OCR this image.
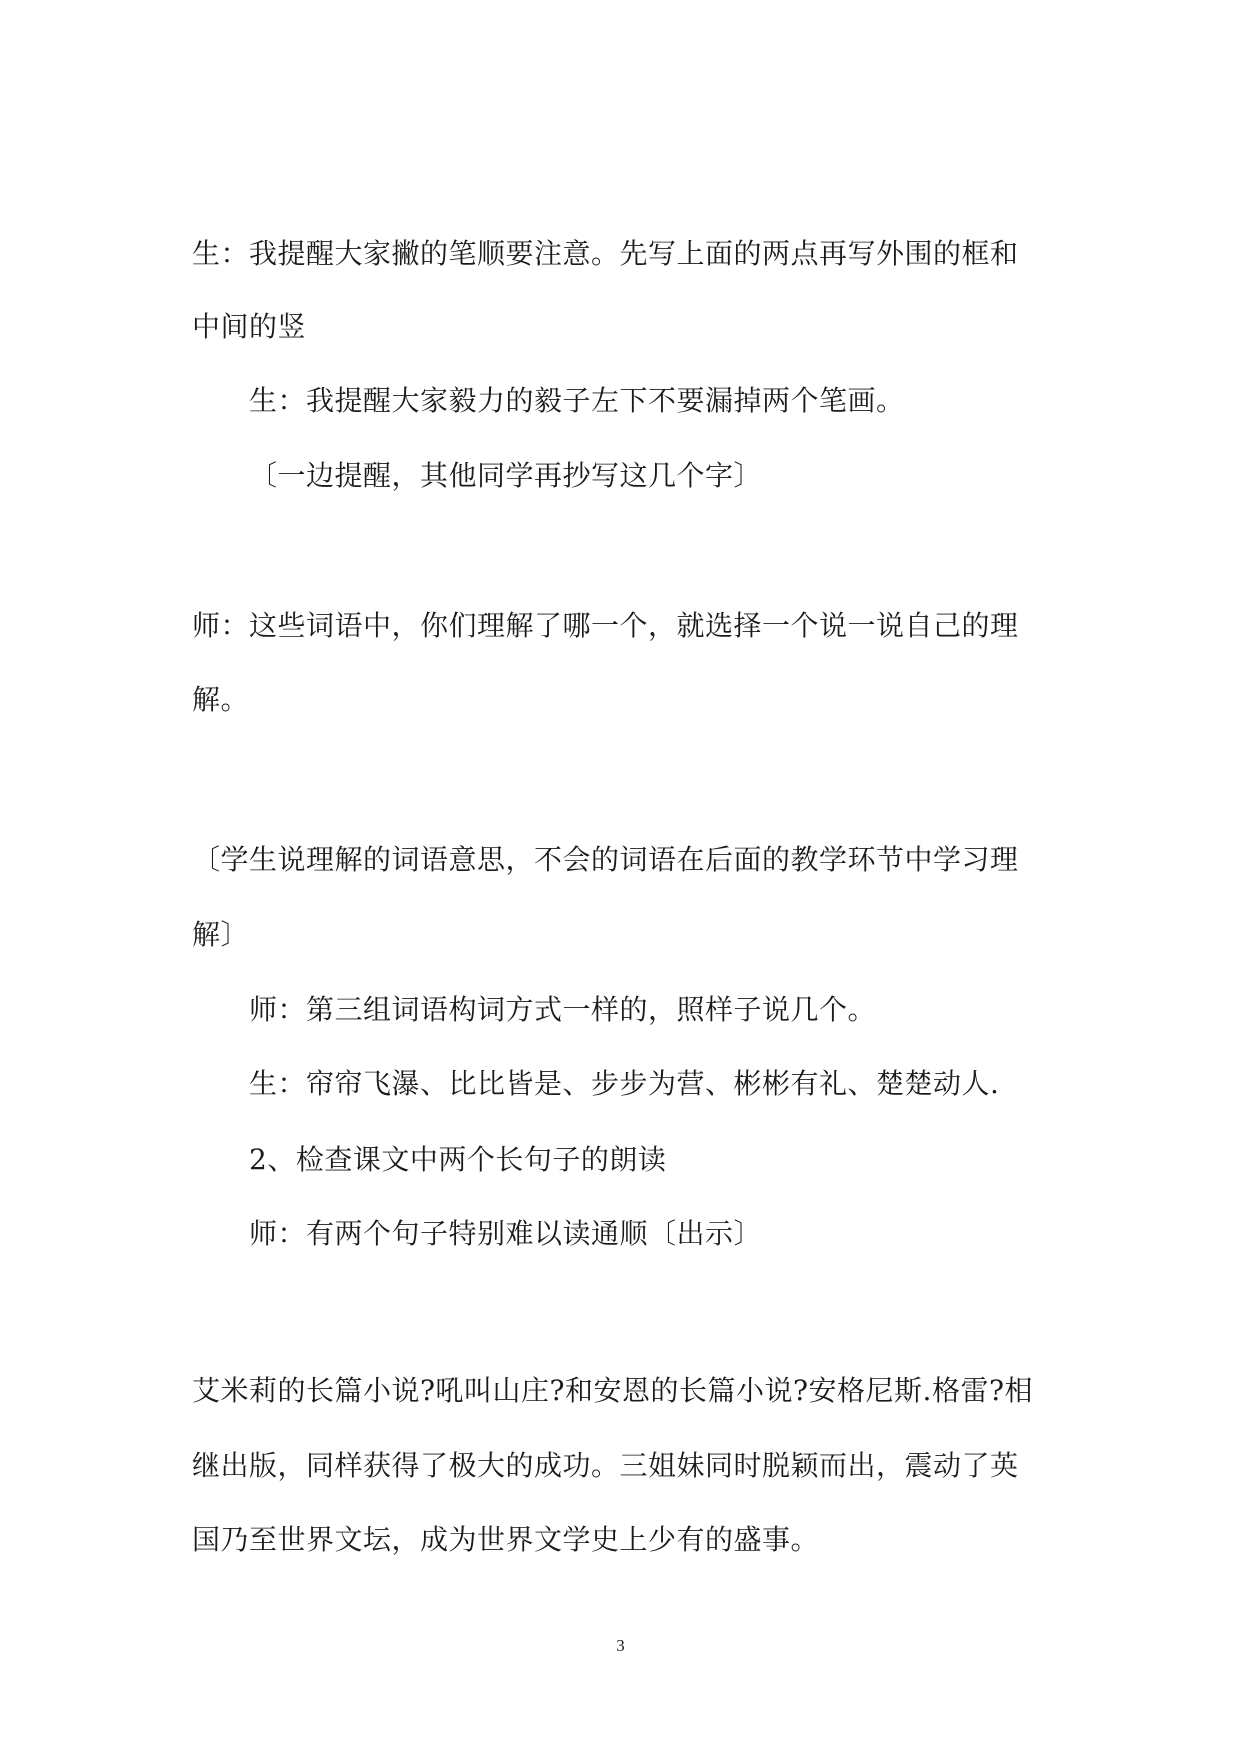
生：我提醒大家撇的笔顺要注意。先写上面的两点再写外围的框和
中间的竖
生：我提醒大家毅力的毅子左下不要漏掉两个笔画。
〔一边提醒，其他同学再抄写这几个字〕
师：这些词语中，你们理解了哪一个，就选择一个说一说自己的理
解。
〔学生说理解的词语意思，不会的词语在后面的教学环节中学习理
解〕
师：第三组词语构词方式一样的，照样子说几个。
生：帘帘飞瀑、比比皆是、步步为营、彬彬有礼、楚楚动人.
2、检查课文中两个长句子的朗读
师：有两个句子特别难以读通顺〔出示〕
艾米莉的长篇小说?吼叫山庄?和安恩的长篇小说?安格尼斯.格雷?相
继出版，同样获得了极大的成功。三姐妹同时脱颖而出，震动了英
国乃至世界文坛，成为世界文学史上少有的盛事。
3
